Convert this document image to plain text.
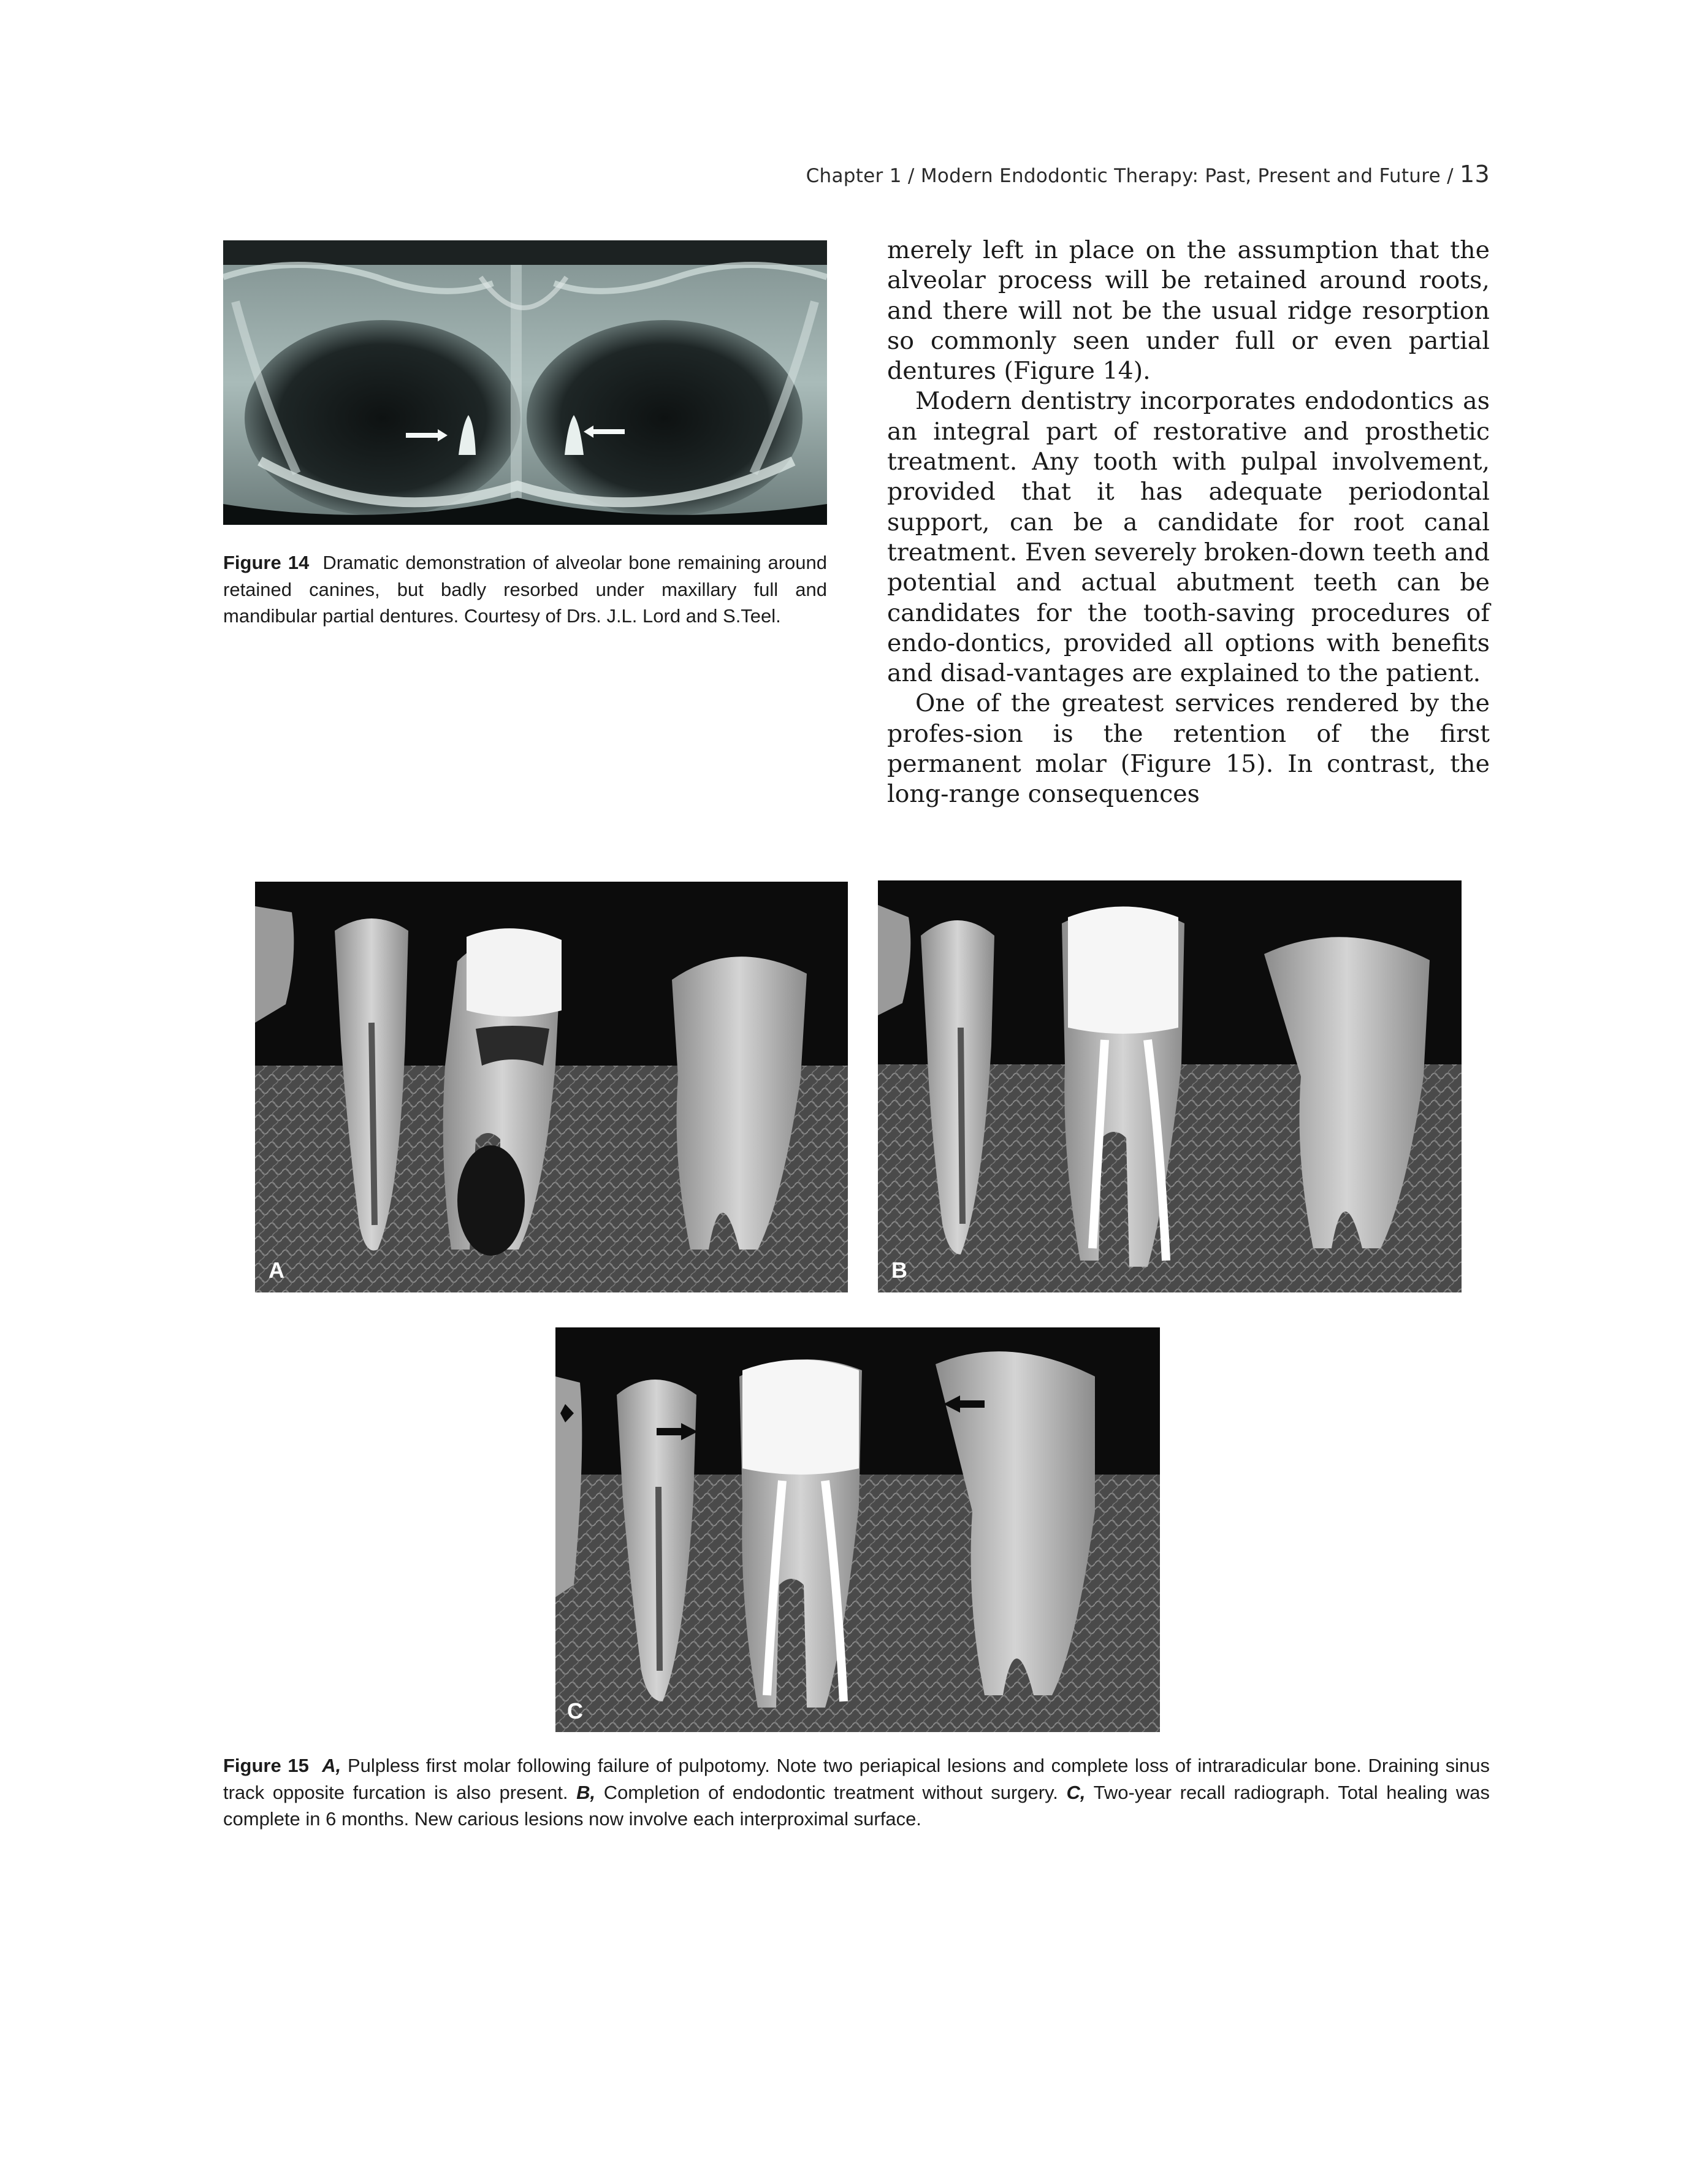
Chapter 1 / Modern Endodontic Therapy: Past, Present and Future / 13
Figure 14 Dramatic demonstration of alveolar bone remaining around retained canines, but badly resorbed under maxillary full and mandibular partial dentures. Courtesy of Drs. J.L. Lord and S.Teel.

merely left in place on the assumption that the alveolar process will be retained around roots, and there will not be the usual ridge resorption so commonly seen under full or even partial dentures (Figure 14).

Modern dentistry incorporates endodontics as an integral part of restorative and prosthetic treatment. Any tooth with pulpal involvement, provided that it has adequate periodontal support, can be a candidate for root canal treatment. Even severely broken-down teeth and potential and actual abutment teeth can be candidates for the tooth-saving procedures of endo-dontics, provided all options with benefits and disad-vantages are explained to the patient.

One of the greatest services rendered by the profes-sion is the retention of the first permanent molar (Figure 15). In contrast, the long-range consequences

A	B
C
Figure 15 A, Pulpless first molar following failure of pulpotomy. Note two periapical lesions and complete loss of intraradicular bone. Draining sinus track opposite furcation is also present. B, Completion of endodontic treatment without surgery. C, Two-year recall radiograph. Total healing was complete in 6 months. New carious lesions now involve each interproximal surface.
